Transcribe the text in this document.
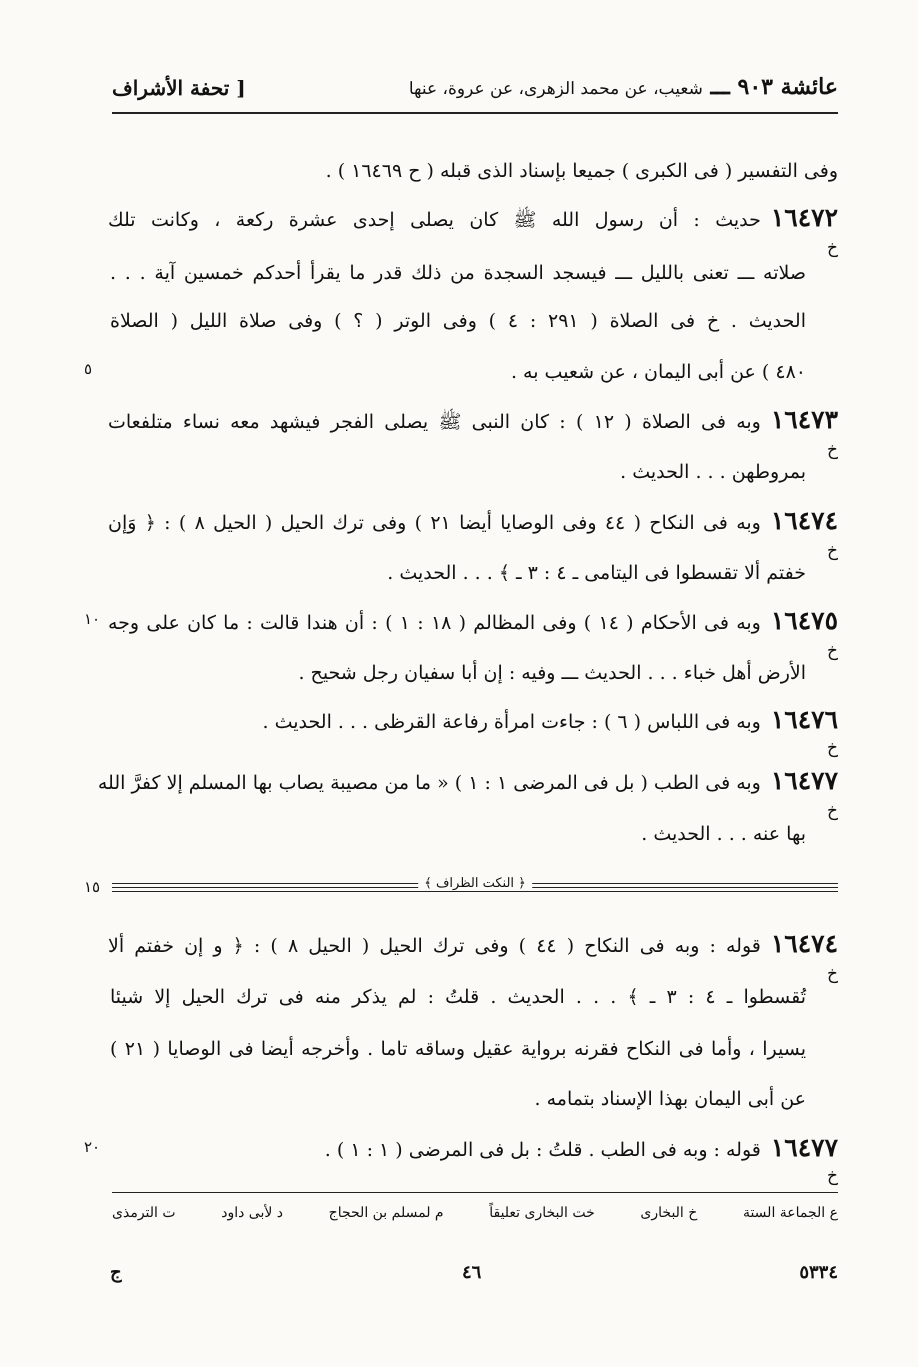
عائشة ٩٠٣ ـــ شعيب، عن محمد الزهرى، عن عروة، عنها
[ تحفة الأشراف
وفى التفسير ( فى الكبرى ) جميعا بإسناد الذى قبله ( ح ١٦٤٦٩ ) .
١٦٤٧٢حديث : أن رسول الله ﷺ كان يصلى إحدى عشرة ركعة ، وكانت تلك
خ
صلاته ـــ تعنى بالليل ـــ فيسجد السجدة من ذلك قدر ما يقرأ أحدكم خمسين آية . . .
الحديث . خ فى الصلاة ( ٢٩١ : ٤ ) وفى الوتر ( ؟ ) وفى صلاة الليل ( الصلاة
٤٨٠ ) عن أبى اليمان ، عن شعيب به .
٥
١٦٤٧٣وبه فى الصلاة ( ١٢ ) : كان النبى ﷺ يصلى الفجر فيشهد معه نساء متلفعات
خ
بمروطهن . . . الحديث .
١٦٤٧٤وبه فى النكاح ( ٤٤ وفى الوصايا أيضا ٢١ ) وفى ترك الحيل ( الحيل ٨ ) : ﴿ وَإن
خ
خفتم ألا تقسطوا فى اليتامى ـ ٤ : ٣ ـ ﴾ . . . الحديث .
١٦٤٧٥وبه فى الأحكام ( ١٤ ) وفى المظالم ( ١٨ : ١ ) : أن هندا قالت : ما كان على وجه
١٠
خ
الأرض أهل خباء . . . الحديث ـــ وفيه : إن أبا سفيان رجل شحيح .
١٦٤٧٦وبه فى اللباس ( ٦ ) : جاءت امرأة رفاعة القرظى . . . الحديث .
خ
١٦٤٧٧وبه فى الطب ( بل فى المرضى ١ : ١ ) « ما من مصيبة يصاب بها المسلم إلا كفرَّ الله
خ
بها عنه . . . الحديث .
﴿ النكت الظراف ﴾
١٥
١٦٤٧٤قوله : وبه فى النكاح ( ٤٤ ) وفى ترك الحيل ( الحيل ٨ ) : ﴿ و إن خفتم ألا
خ
تُقسطوا ـ ٤ : ٣ ـ ﴾ . . . الحديث . قلتُ : لم يذكر منه فى ترك الحيل إلا شيئا
يسيرا ، وأما فى النكاح فقرنه برواية عقيل وساقه تاما . وأخرجه أيضا فى الوصايا ( ٢١ )
عن أبى اليمان بهذا الإسناد بتمامه .
١٦٤٧٧قوله : وبه فى الطب . قلتُ : بل فى المرضى ( ١ : ١ ) .
٢٠
خ
ع الجماعة الستة
خ البخارى
خت البخارى تعليقاً
م لمسلم بن الحجاج
د لأبى داود
ت الترمذى
ج	٤٦	٥٣٣٤
